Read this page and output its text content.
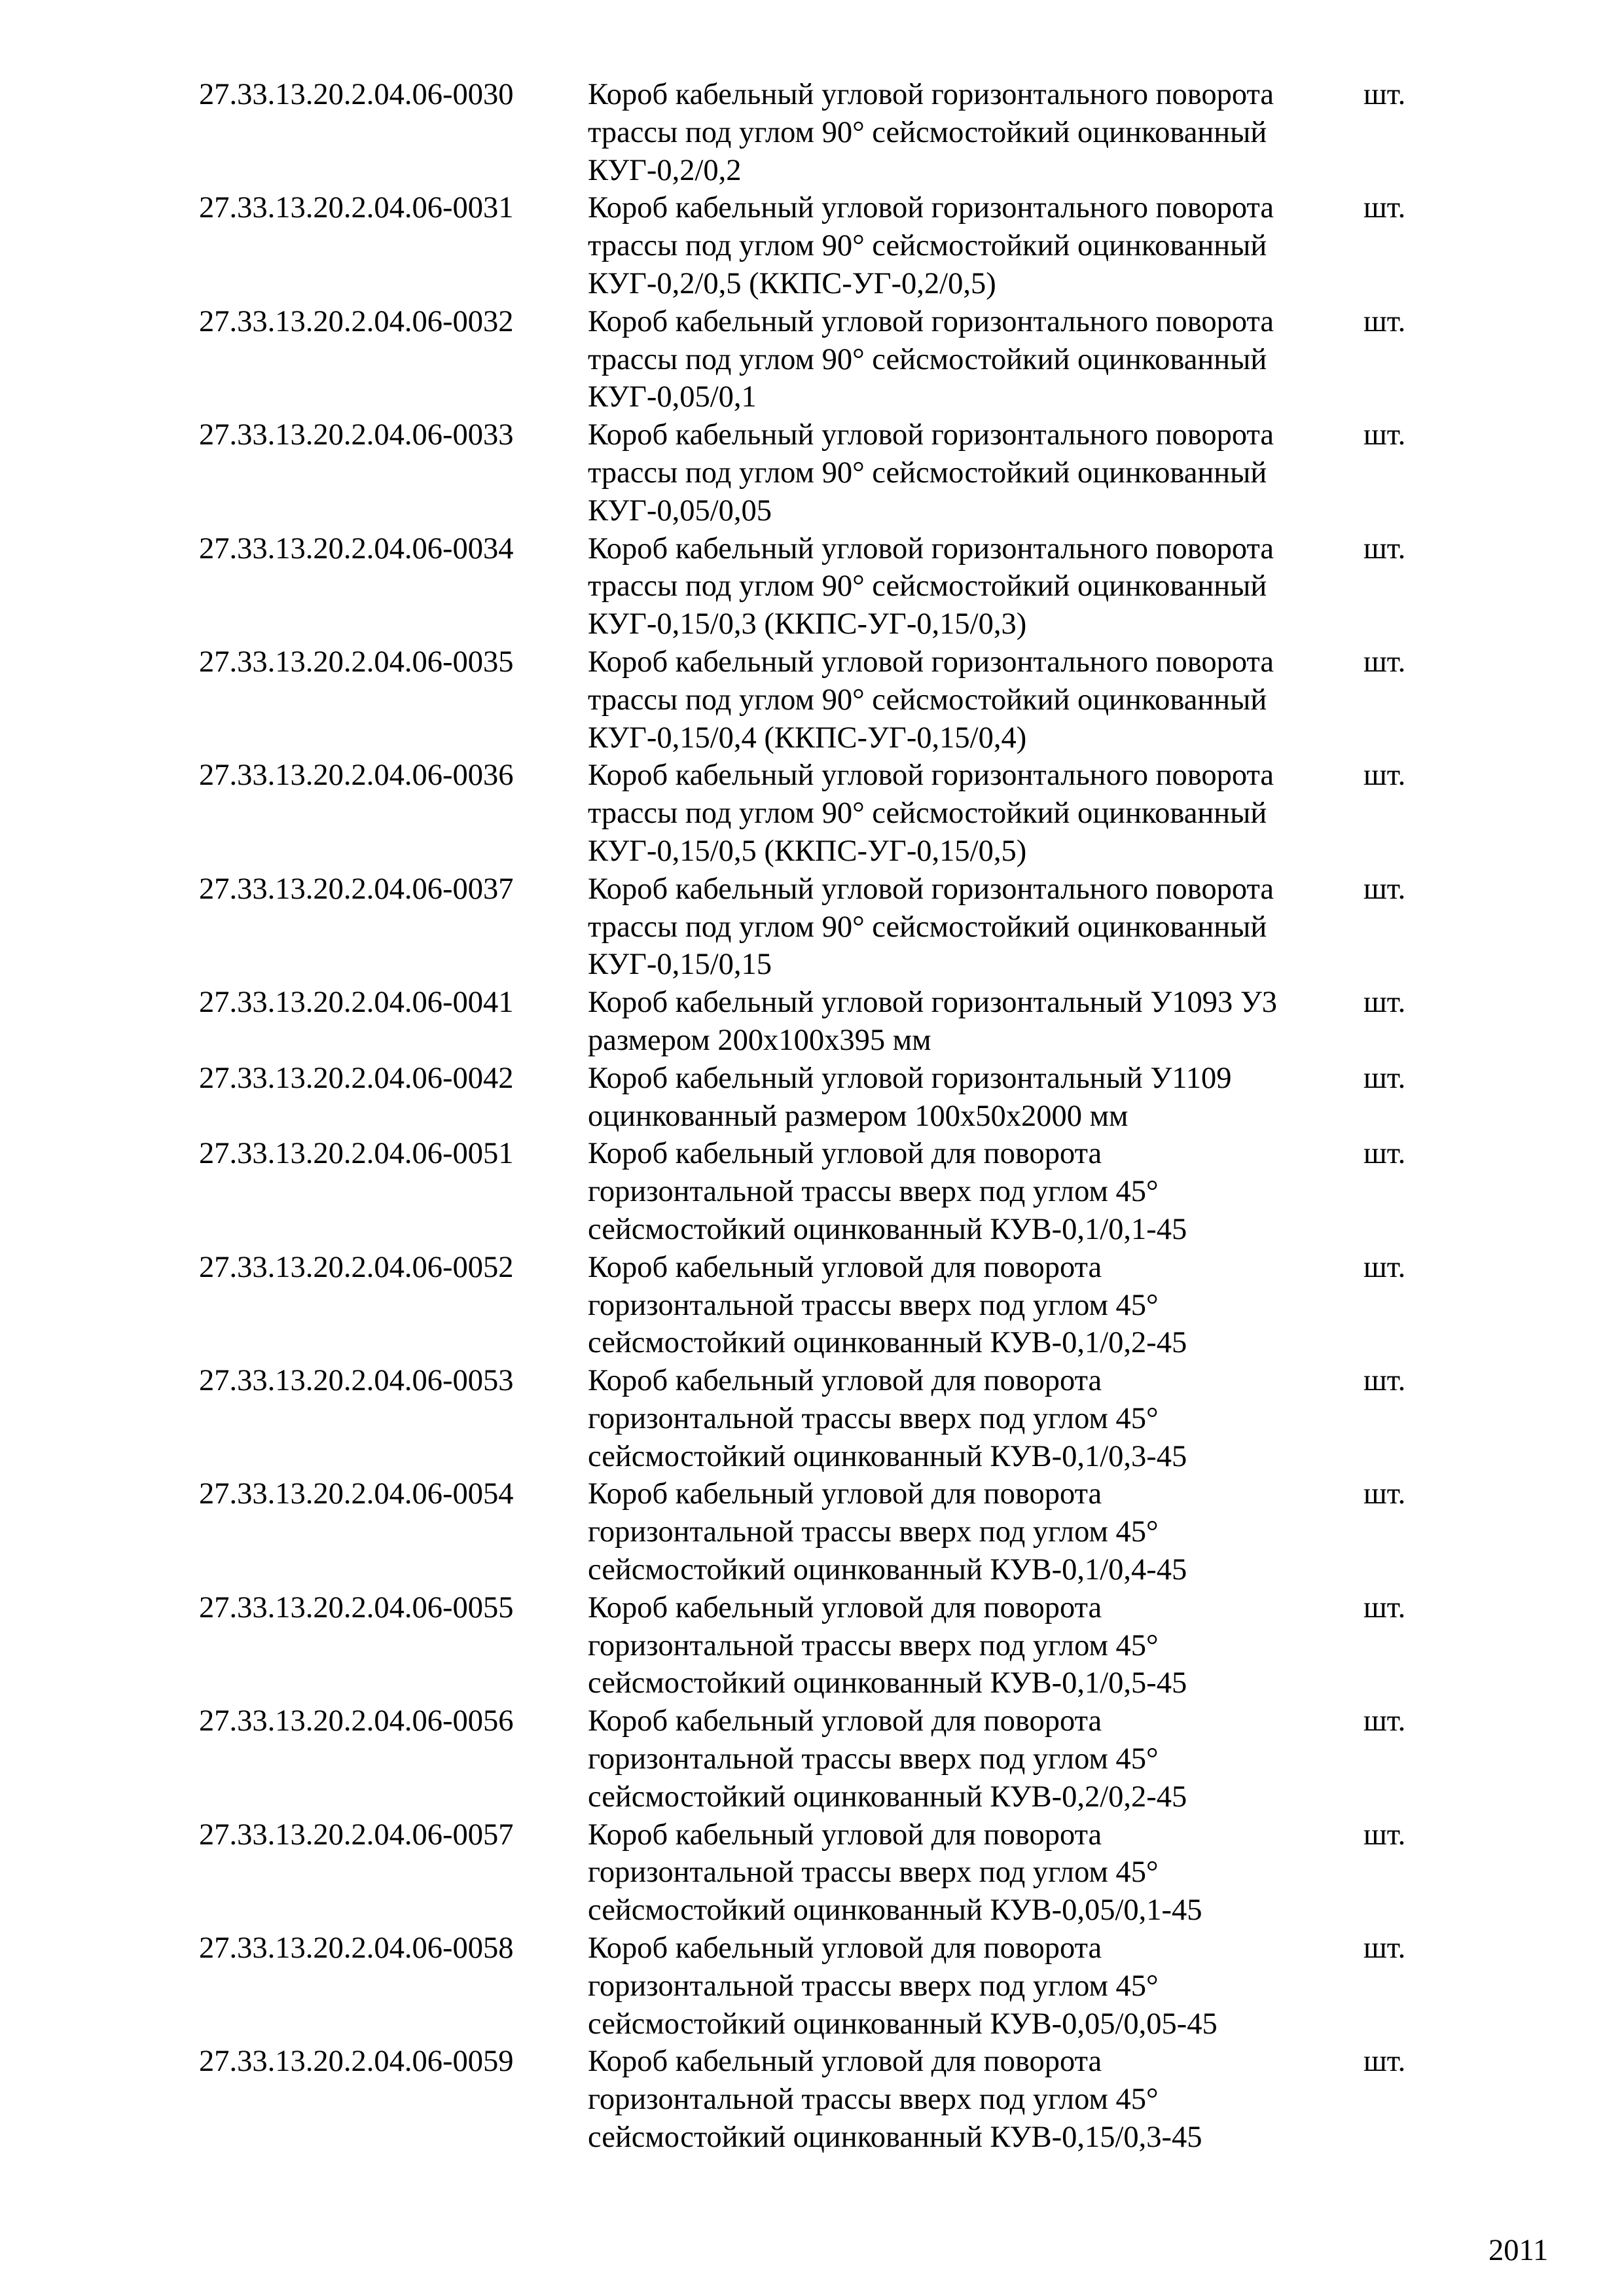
27.33.13.20.2.04.06-0030	Короб кабельный угловой горизонтального поворота
трассы под углом 90° сейсмостойкий оцинкованный
КУГ-0,2/0,2
шт.
27.33.13.20.2.04.06-0031	Короб кабельный угловой горизонтального поворота
трассы под углом 90° сейсмостойкий оцинкованный
КУГ-0,2/0,5 (ККПС-УГ-0,2/0,5)
шт.
27.33.13.20.2.04.06-0032	Короб кабельный угловой горизонтального поворота
трассы под углом 90° сейсмостойкий оцинкованный
КУГ-0,05/0,1
шт.
27.33.13.20.2.04.06-0033	Короб кабельный угловой горизонтального поворота
трассы под углом 90° сейсмостойкий оцинкованный
КУГ-0,05/0,05
шт.
27.33.13.20.2.04.06-0034	Короб кабельный угловой горизонтального поворота
трассы под углом 90° сейсмостойкий оцинкованный
КУГ-0,15/0,3 (ККПС-УГ-0,15/0,3)
шт.
27.33.13.20.2.04.06-0035	Короб кабельный угловой горизонтального поворота
трассы под углом 90° сейсмостойкий оцинкованный
КУГ-0,15/0,4 (ККПС-УГ-0,15/0,4)
шт.
27.33.13.20.2.04.06-0036	Короб кабельный угловой горизонтального поворота
трассы под углом 90° сейсмостойкий оцинкованный
КУГ-0,15/0,5 (ККПС-УГ-0,15/0,5)
шт.
27.33.13.20.2.04.06-0037	Короб кабельный угловой горизонтального поворота
трассы под углом 90° сейсмостойкий оцинкованный
КУГ-0,15/0,15
шт.
27.33.13.20.2.04.06-0041	Короб кабельный угловой горизонтальный У1093 У3
размером 200х100х395 мм
шт.
27.33.13.20.2.04.06-0042	Короб кабельный угловой горизонтальный У1109
оцинкованный размером 100х50х2000 мм
шт.
27.33.13.20.2.04.06-0051	Короб кабельный угловой для поворота
горизонтальной трассы вверх под углом 45°
сейсмостойкий оцинкованный КУВ-0,1/0,1-45
шт.
27.33.13.20.2.04.06-0052	Короб кабельный угловой для поворота
горизонтальной трассы вверх под углом 45°
сейсмостойкий оцинкованный КУВ-0,1/0,2-45
шт.
27.33.13.20.2.04.06-0053	Короб кабельный угловой для поворота
горизонтальной трассы вверх под углом 45°
сейсмостойкий оцинкованный КУВ-0,1/0,3-45
шт.
27.33.13.20.2.04.06-0054	Короб кабельный угловой для поворота
горизонтальной трассы вверх под углом 45°
сейсмостойкий оцинкованный КУВ-0,1/0,4-45
шт.
27.33.13.20.2.04.06-0055	Короб кабельный угловой для поворота
горизонтальной трассы вверх под углом 45°
сейсмостойкий оцинкованный КУВ-0,1/0,5-45
шт.
27.33.13.20.2.04.06-0056	Короб кабельный угловой для поворота
горизонтальной трассы вверх под углом 45°
сейсмостойкий оцинкованный КУВ-0,2/0,2-45
шт.
27.33.13.20.2.04.06-0057	Короб кабельный угловой для поворота
горизонтальной трассы вверх под углом 45°
сейсмостойкий оцинкованный КУВ-0,05/0,1-45
шт.
27.33.13.20.2.04.06-0058	Короб кабельный угловой для поворота
горизонтальной трассы вверх под углом 45°
сейсмостойкий оцинкованный КУВ-0,05/0,05-45
шт.
27.33.13.20.2.04.06-0059	Короб кабельный угловой для поворота
горизонтальной трассы вверх под углом 45°
сейсмостойкий оцинкованный КУВ-0,15/0,3-45
шт.
2011
